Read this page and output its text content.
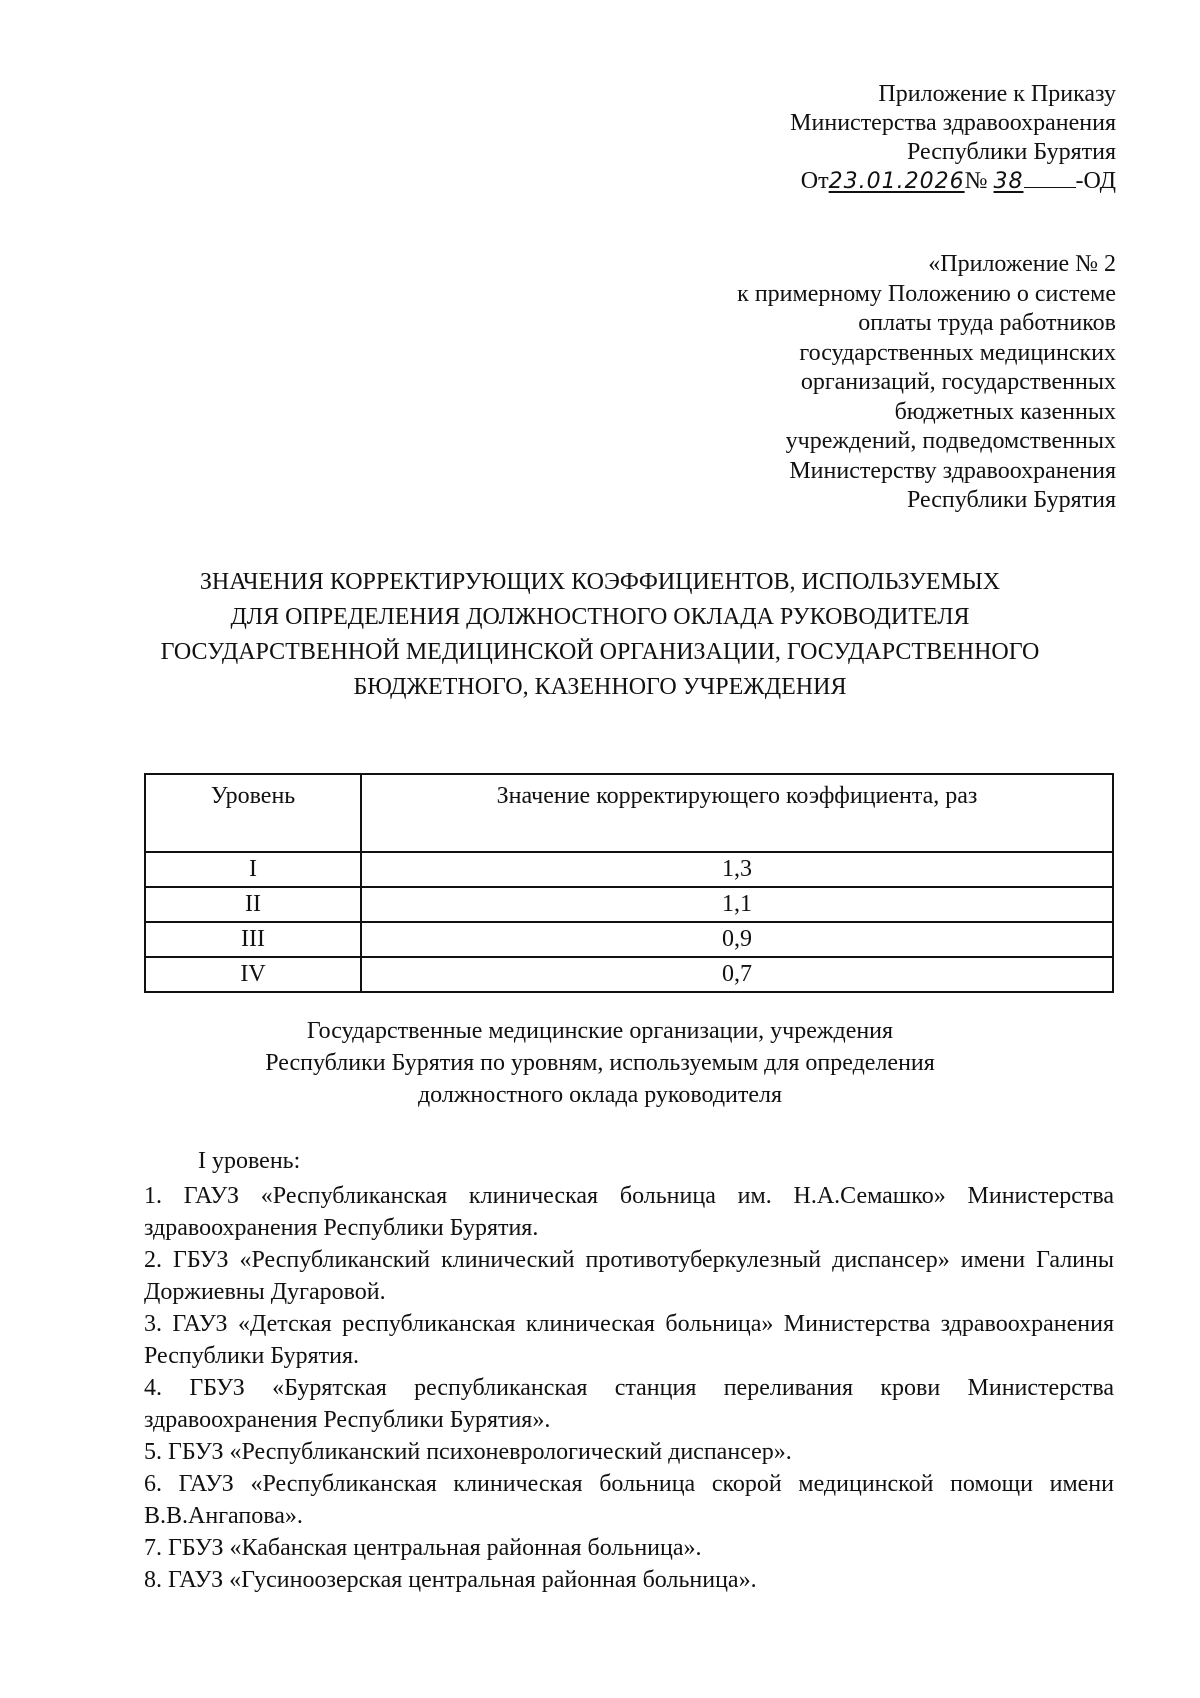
Приложение к Приказу
Министерства здравоохранения
Республики Бурятия
От23.01.2026№ 38 -ОД
«Приложение № 2
к примерному Положению о системе
оплаты труда работников
государственных медицинских
организаций, государственных
бюджетных казенных
учреждений, подведомственных
Министерству здравоохранения
Республики Бурятия
ЗНАЧЕНИЯ КОРРЕКТИРУЮЩИХ КОЭФФИЦИЕНТОВ, ИСПОЛЬЗУЕМЫХ
ДЛЯ ОПРЕДЕЛЕНИЯ ДОЛЖНОСТНОГО ОКЛАДА РУКОВОДИТЕЛЯ
ГОСУДАРСТВЕННОЙ МЕДИЦИНСКОЙ ОРГАНИЗАЦИИ, ГОСУДАРСТВЕННОГО
БЮДЖЕТНОГО, КАЗЕННОГО УЧРЕЖДЕНИЯ
Уровень	Значение корректирующего коэффициента, раз
I	1,3
II	1,1
III	0,9
IV	0,7
Государственные медицинские организации, учреждения
Республики Бурятия по уровням, используемым для определения
должностного оклада руководителя
I уровень:

1. ГАУЗ «Республиканская клиническая больница им. Н.А.Семашко» Министерства здравоохранения Республики Бурятия.

2. ГБУЗ «Республиканский клинический противотуберкулезный диспансер» имени Галины Доржиевны Дугаровой.

3. ГАУЗ «Детская республиканская клиническая больница» Министерства здравоохранения Республики Бурятия.

4. ГБУЗ «Бурятская республиканская станция переливания крови Министерства здравоохранения Республики Бурятия».

5. ГБУЗ «Республиканский психоневрологический диспансер».

6. ГАУЗ «Республиканская клиническая больница скорой медицинской помощи имени В.В.Ангапова».

7. ГБУЗ «Кабанская центральная районная больница».

8. ГАУЗ «Гусиноозерская центральная районная больница».
